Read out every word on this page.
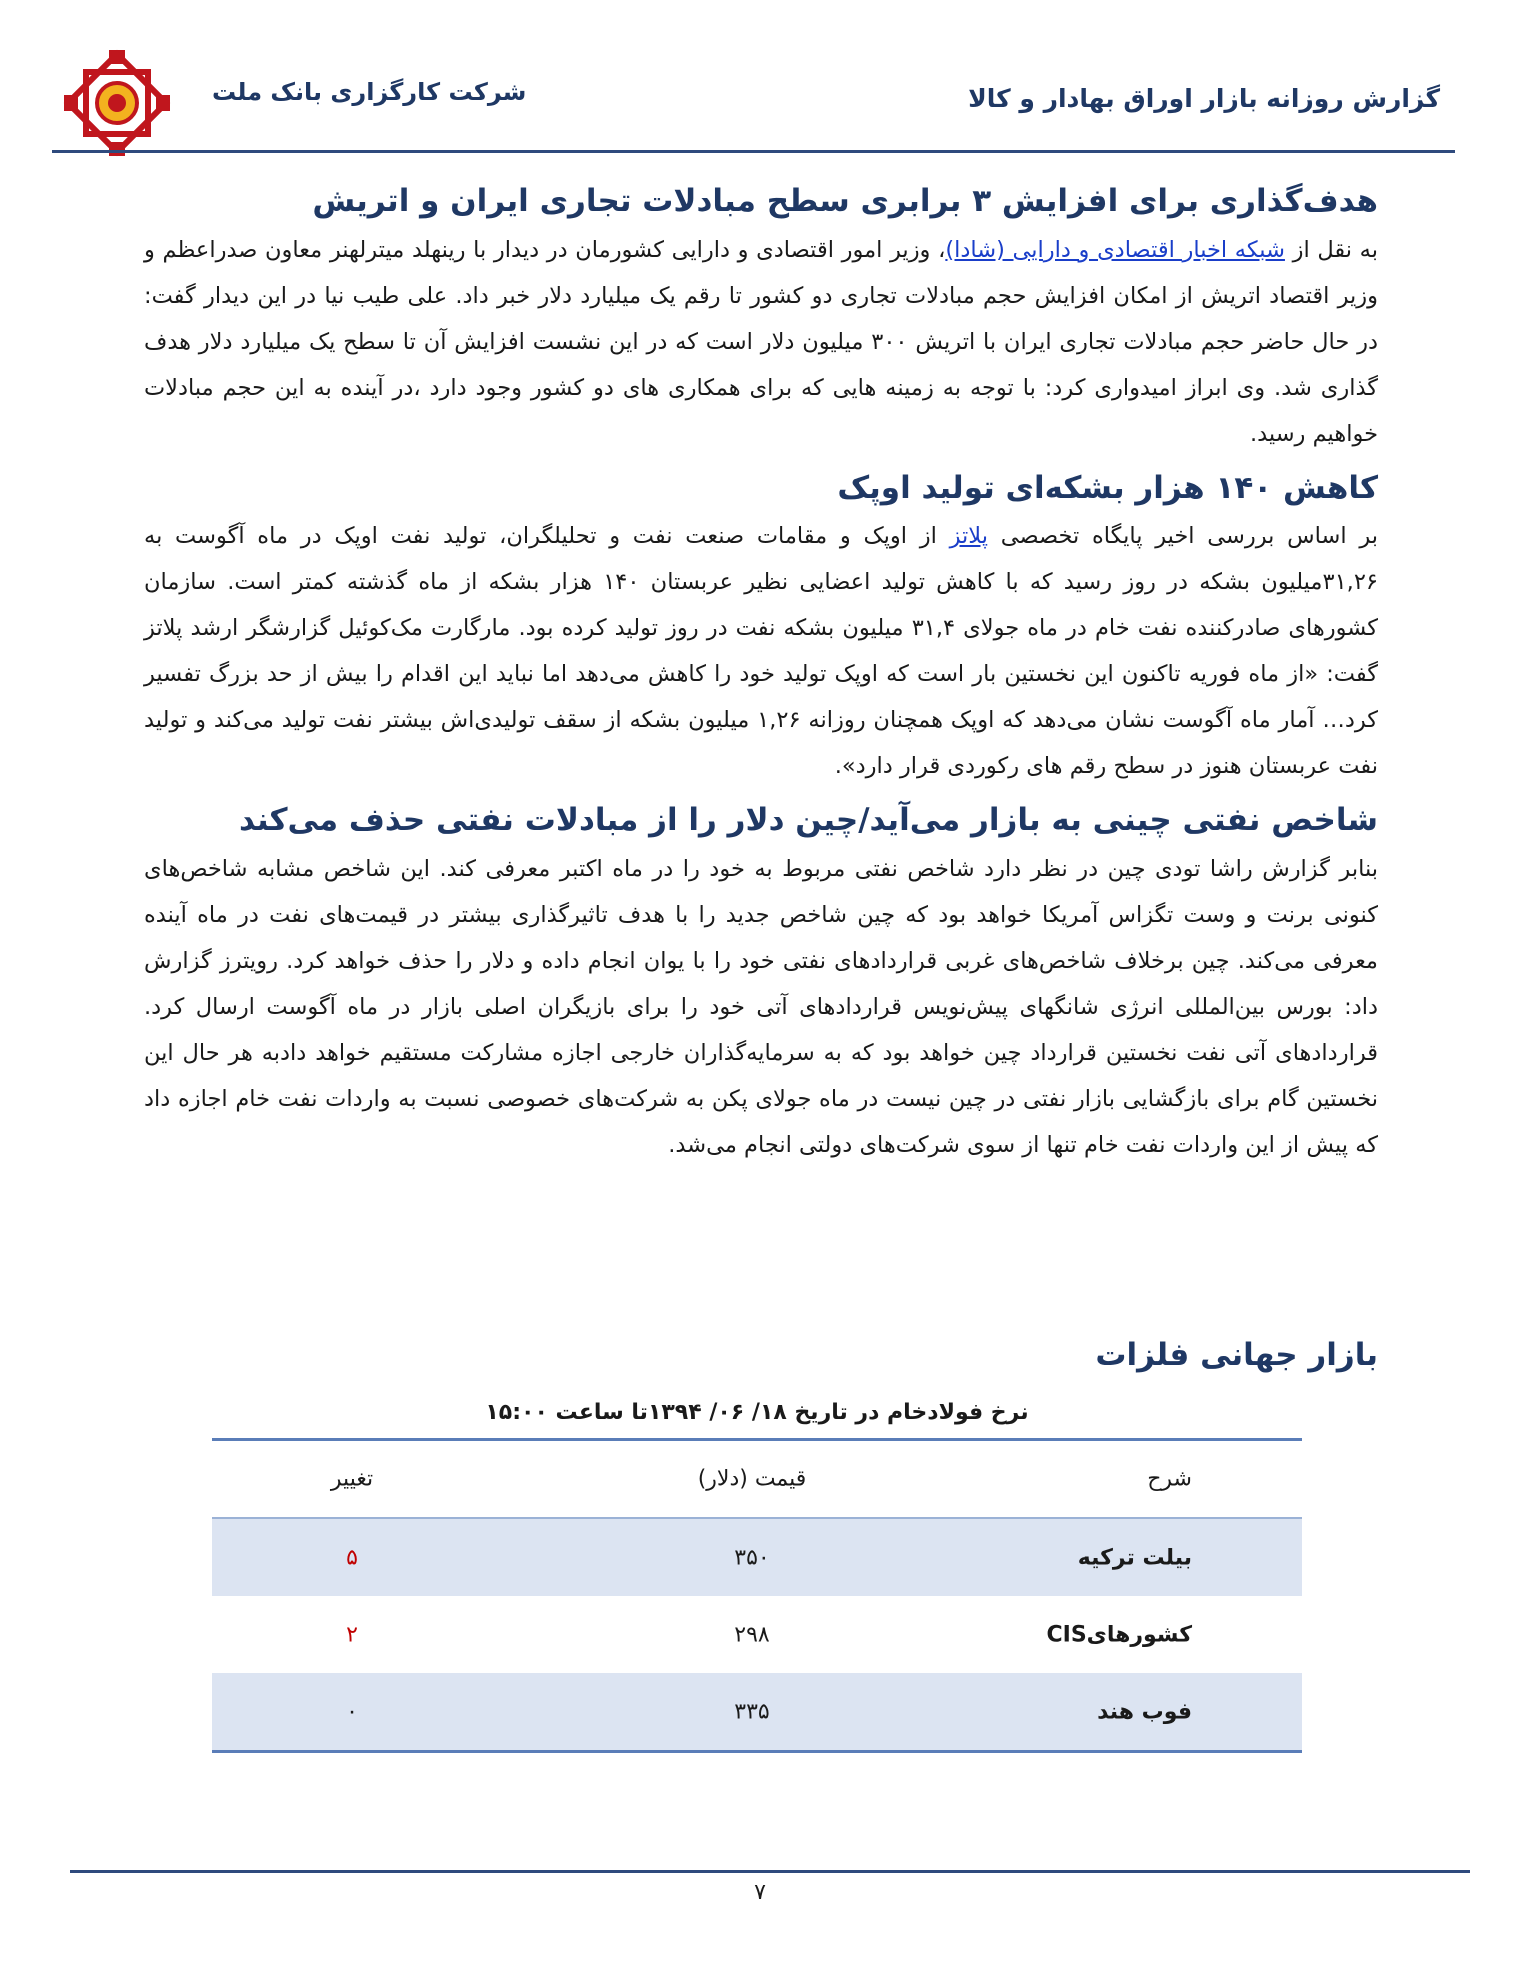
شرکت کارگزاری بانک ملت	گزارش روزانه بازار اوراق بهادار و کالا
هدف‌گذاری برای افزایش ۳ برابری سطح مبادلات تجاری ایران و اتریش

به نقل از شبکه اخبار اقتصادی و دارایی (شادا)، وزیر امور اقتصادی و دارایی کشورمان در دیدار با رینهلد میترلهنر معاون صدراعظم و وزیر اقتصاد اتریش از امکان افزایش حجم مبادلات تجاری دو کشور تا رقم یک میلیارد دلار خبر داد. علی طیب نیا در این دیدار گفت: در حال حاضر حجم مبادلات تجاری ایران با اتریش ۳۰۰ میلیون دلار است که در این نشست افزایش آن تا سطح یک میلیارد دلار هدف گذاری شد. وی ابراز امیدواری کرد: با توجه به زمینه هایی که برای همکاری های دو کشور وجود دارد ،در آینده به این حجم مبادلات خواهیم رسید.

کاهش ۱۴۰ هزار بشکه‌ای تولید اوپک

بر اساس بررسی اخیر پایگاه تخصصی پلاتز از اوپک و مقامات صنعت نفت و تحلیلگران، تولید نفت اوپک در ماه آگوست به ۳۱,۲۶میلیون بشکه در روز رسید که با کاهش تولید اعضایی نظیر عربستان ۱۴۰ هزار بشکه از ماه گذشته کمتر است. سازمان کشورهای صادرکننده نفت خام در ماه جولای ۳۱,۴ میلیون بشکه نفت در روز تولید کرده بود. مارگارت مک‌کوئیل گزارشگر ارشد پلاتز گفت: «از ماه فوریه تاکنون این نخستین بار است که اوپک تولید خود را کاهش می‌دهد اما نباید این اقدام را بیش از حد بزرگ تفسیر کرد… آمار ماه آگوست نشان می‌دهد که اوپک همچنان روزانه ۱,۲۶ میلیون بشکه از سقف تولیدی‌اش بیشتر نفت تولید می‌کند و تولید نفت عربستان هنوز در سطح رقم های رکوردی قرار دارد».

شاخص نفتی چینی به بازار می‌آید/چین دلار را از مبادلات نفتی حذف می‌کند

بنابر گزارش راشا تودی چین در نظر دارد شاخص نفتی مربوط به خود را در ماه اکتبر معرفی کند. این شاخص مشابه شاخص‌های کنونی برنت و وست تگزاس آمریکا خواهد بود که چین شاخص جدید را با هدف تاثیرگذاری بیشتر در قیمت‌های نفت در ماه آینده معرفی می‌کند. چین برخلاف شاخص‌های غربی قراردادهای نفتی خود را با یوان انجام داده و دلار را حذف خواهد کرد. رویترز گزارش داد: بورس بین‌المللی انرژی شانگهای پیش‌نویس قراردادهای آتی خود را برای بازیگران اصلی بازار در ماه آگوست ارسال کرد. قراردادهای آتی نفت نخستین قرارداد چین خواهد بود که به سرمایه‌گذاران خارجی اجازه مشارکت مستقیم خواهد دادبه هر حال این نخستین گام برای بازگشایی بازار نفتی در چین نیست در ماه جولای پکن به شرکت‌های خصوصی نسبت به واردات نفت خام اجازه داد که پیش از این واردات نفت خام تنها از سوی شرکت‌های دولتی انجام می‌شد.

بازار جهانی فلزات
نرخ فولادخام در تاریخ ۱۸/ ۰۶/ ۱۳۹۴تا ساعت ۱۵:۰۰
شرح
قیمت (دلار)
تغییر
بیلت ترکیه
۳۵۰
۵
کشورهایCIS
۲۹۸
۲
فوب هند
۳۳۵
۰
۷
